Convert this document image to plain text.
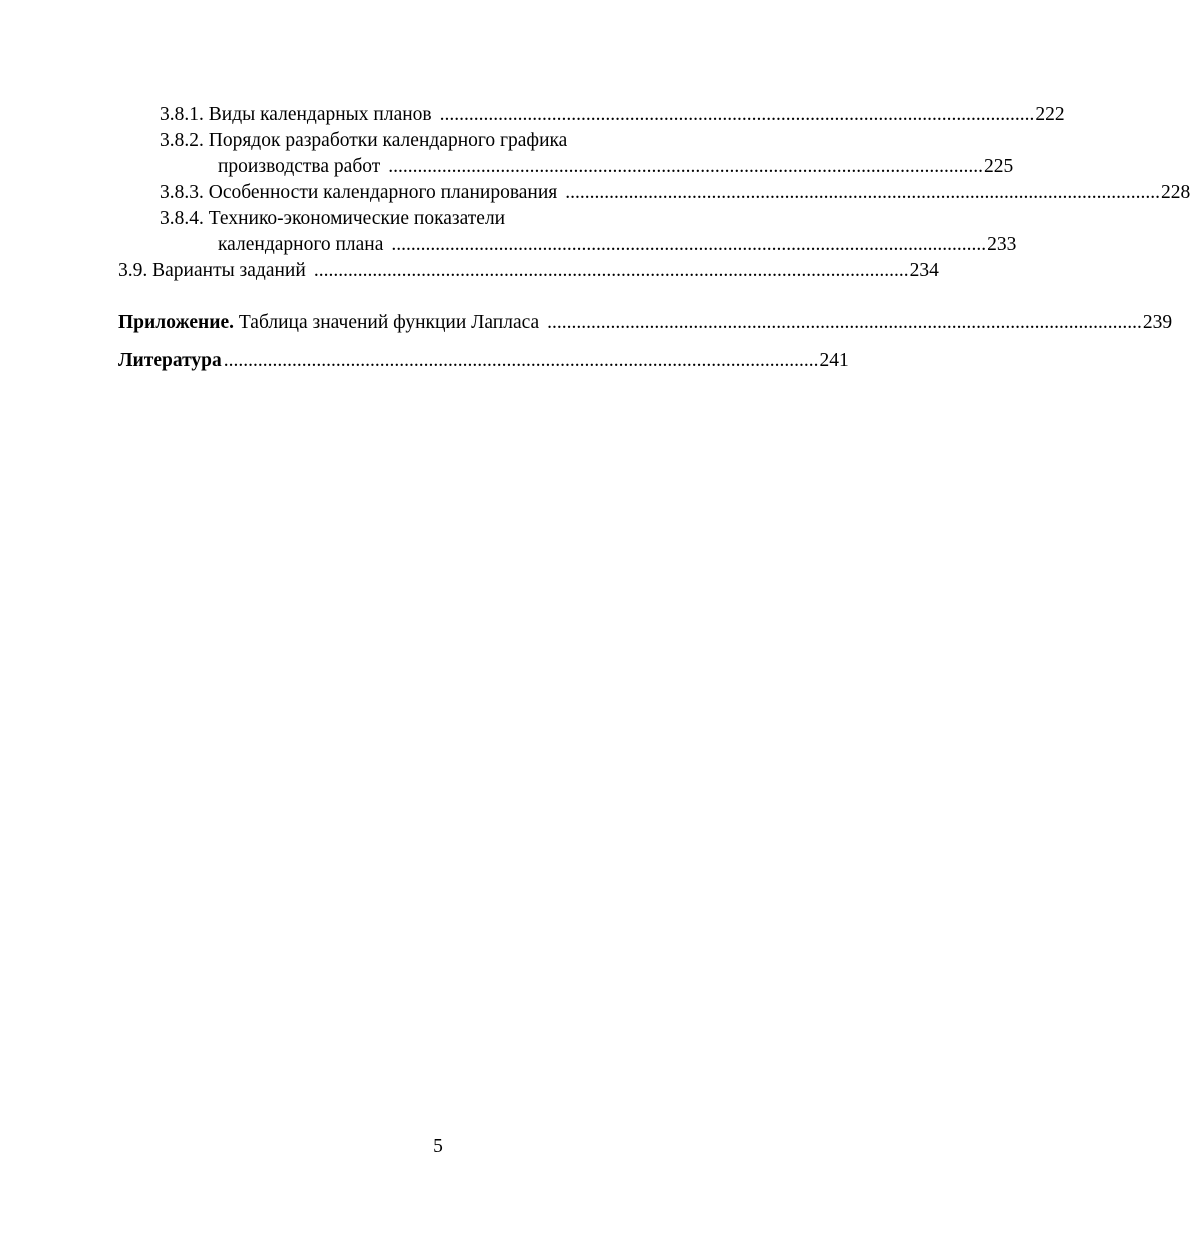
3.8.1. Виды календарных планов .......................................................................................................................... 222
3.8.2. Порядок разработки календарного графика
производства работ .......................................................................................................................... 225
3.8.3. Особенности календарного планирования .......................................................................................................................... 228
3.8.4. Технико-экономические показатели
календарного плана .......................................................................................................................... 233
3.9. Варианты заданий .......................................................................................................................... 234
Приложение. Таблица значений функции Лапласа .......................................................................................................................... 239
Литература .......................................................................................................................... 241
5
